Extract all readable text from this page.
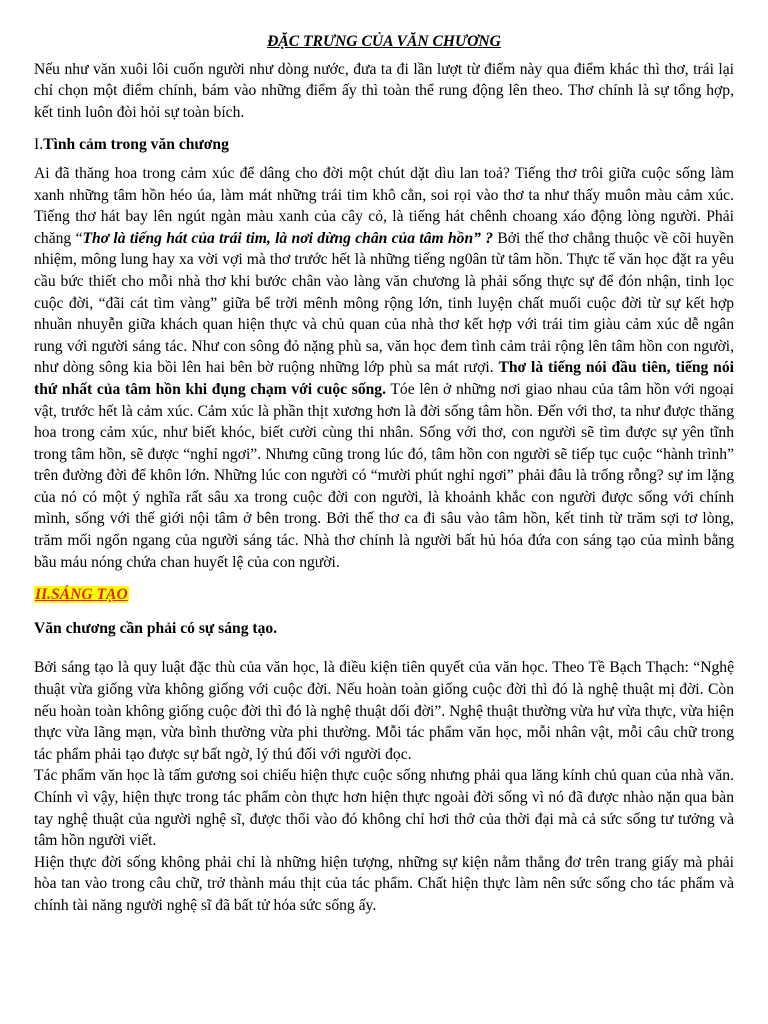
ĐẶC TRƯNG CỦA VĂN CHƯƠNG

Nếu như văn xuôi lôi cuốn người như dòng nước, đưa ta đi lần lượt từ điểm này qua điểm khác thì thơ, trái lại chỉ chọn một điểm chính, bám vào những điểm ấy thì toàn thể rung động lên theo. Thơ chính là sự tổng hợp, kết tinh luôn đòi hỏi sự toàn bích.

I.Tình cảm trong văn chương

Ai đã thăng hoa trong cảm xúc để dâng cho đời một chút dặt dìu lan toả? Tiếng thơ trôi giữa cuộc sống làm xanh những tâm hồn héo úa, làm mát những trái tim khô cằn, soi rọi vào thơ ta như thấy muôn màu cảm xúc. Tiếng thơ hát bay lên ngút ngàn màu xanh của cây cỏ, là tiếng hát chênh choang xáo động lòng người. Phải chăng “Thơ là tiếng hát của trái tim, là nơi dừng chân của tâm hồn” ? Bởi thế thơ chẳng thuộc về cõi huyền nhiệm, mông lung hay xa vời vợi mà thơ trước hết là những tiếng ng0ân từ tâm hồn. Thực tế văn học đặt ra yêu cầu bức thiết cho mỗi nhà thơ khi bước chân vào làng văn chương là phải sống thực sự để đón nhận, tinh lọc cuộc đời, “đãi cát tìm vàng” giữa bể trời mênh mông rộng lớn, tinh luyện chất muối cuộc đời từ sự kết hợp nhuần nhuyễn giữa khách quan hiện thực và chủ quan của nhà thơ kết hợp với trái tim giàu cảm xúc dễ ngân rung với người sáng tác. Như con sông đỏ nặng phù sa, văn học đem tình cảm trải rộng lên tâm hồn con người, như dòng sông kia bồi lên hai bên bờ ruộng những lớp phù sa mát rượi. Thơ là tiếng nói đầu tiên, tiếng nói thứ nhất của tâm hồn khi đụng chạm với cuộc sống. Tóe lên ở những nơi giao nhau của tâm hồn với ngoại vật, trước hết là cảm xúc. Cảm xúc là phần thịt xương hơn là đời sống tâm hồn. Đến với thơ, ta như được thăng hoa trong cảm xúc, như biết khóc, biết cười cùng thi nhân. Sống với thơ, con người sẽ tìm được sự yên tĩnh trong tâm hồn, sẽ được “nghỉ ngơi”. Nhưng cũng trong lúc đó, tâm hồn con người sẽ tiếp tục cuộc “hành trình” trên đường đời để khôn lớn. Những lúc con người có “mười phút nghỉ ngơi” phải đâu là trống rỗng? sự im lặng của nó có một ý nghĩa rất sâu xa trong cuộc đời con người, là khoảnh khắc con người được sống với chính mình, sống với thế giới nội tâm ở bên trong. Bởi thế thơ ca đi sâu vào tâm hồn, kết tinh từ trăm sợi tơ lòng, trăm mối ngổn ngang của người sáng tác. Nhà thơ chính là người bất hủ hóa đứa con sáng tạo của mình bằng bầu máu nóng chứa chan huyết lệ của con người.

II.SÁNG TẠO
Văn chương cần phải có sự sáng tạo.

Bởi sáng tạo là quy luật đặc thù của văn học, là điều kiện tiên quyết của văn học. Theo Tề Bạch Thạch: “Nghệ thuật vừa giống vừa không giống với cuộc đời. Nếu hoàn toàn giống cuộc đời thì đó là nghệ thuật mị đời. Còn nếu hoàn toàn không giống cuộc đời thì đó là nghệ thuật dối đời”. Nghệ thuật thường vừa hư vừa thực, vừa hiện thực vừa lãng mạn, vừa bình thường vừa phi thường. Mỗi tác phẩm văn học, mỗi nhân vật, mỗi câu chữ trong tác phẩm phải tạo được sự bất ngờ, lý thú đối với người đọc.

Tác phẩm văn học là tấm gương soi chiếu hiện thực cuộc sống nhưng phải qua lăng kính chủ quan của nhà văn. Chính vì vậy, hiện thực trong tác phẩm còn thực hơn hiện thực ngoài đời sống vì nó đã được nhào nặn qua bàn tay nghệ thuật của người nghệ sĩ, được thổi vào đó không chỉ hơi thở của thời đại mà cả sức sống tư tưởng và tâm hồn người viết.

Hiện thực đời sống không phải chỉ là những hiện tượng, những sự kiện nằm thẳng đơ trên trang giấy mà phải hòa tan vào trong câu chữ, trở thành máu thịt của tác phẩm. Chất hiện thực làm nên sức sống cho tác phẩm và chính tài năng người nghệ sĩ đã bất tử hóa sức sống ấy.
